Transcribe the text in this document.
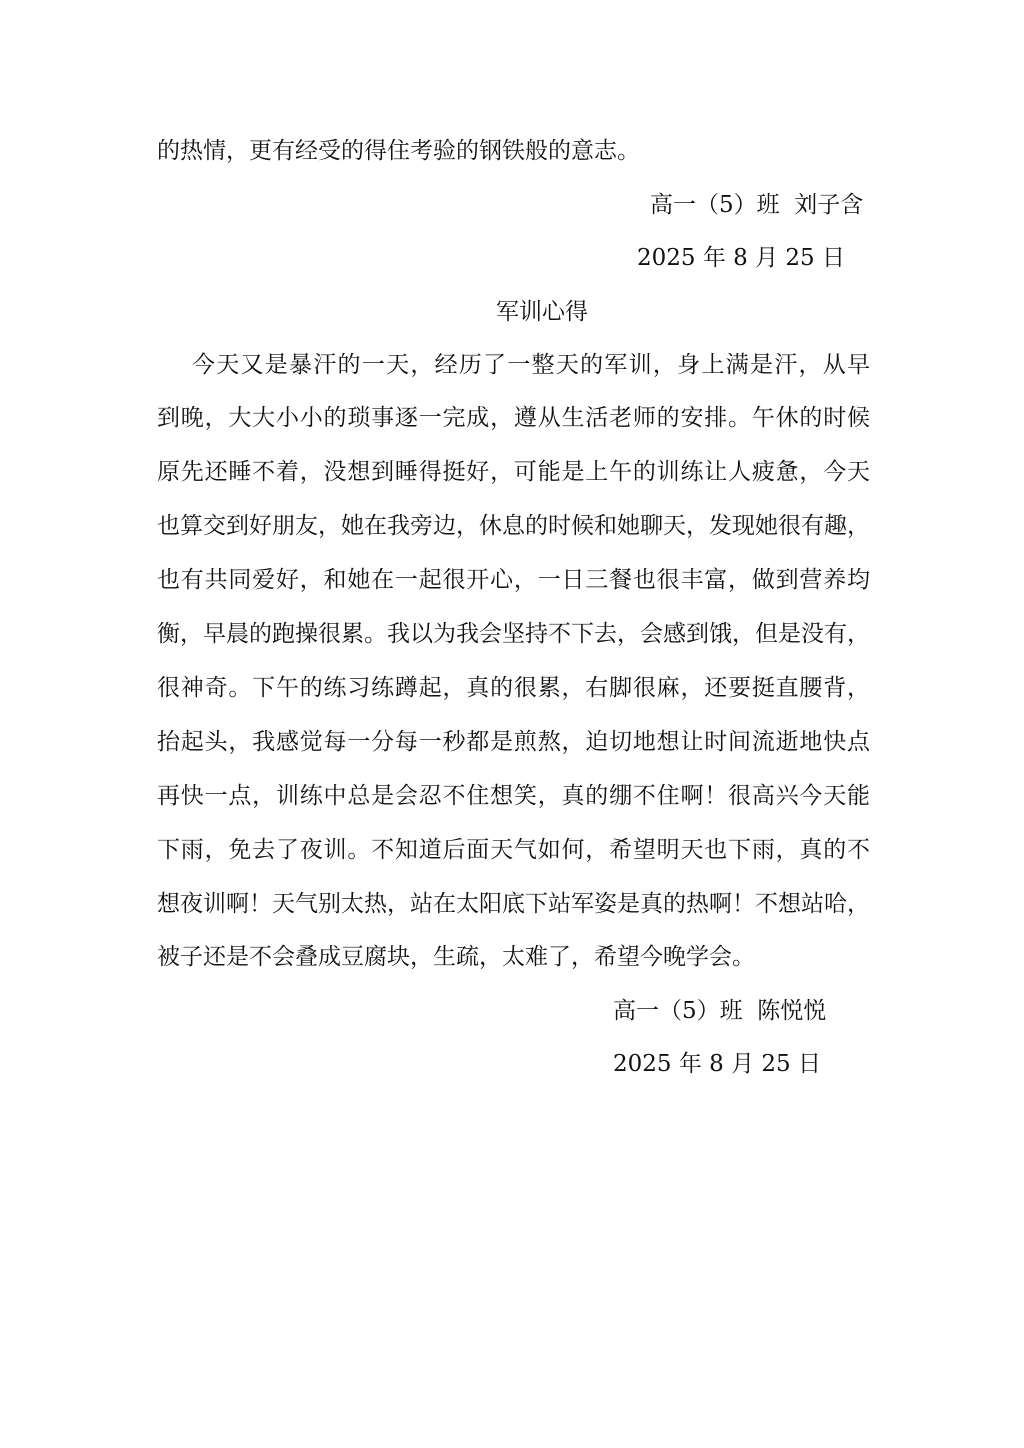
的热情，更有经受的得住考验的钢铁般的意志。
高一（5）班  刘子含
2025 年 8 月 25 日
军训心得
今天又是暴汗的一天，经历了一整天的军训，身上满是汗，从早
到晚，大大小小的琐事逐一完成，遵从生活老师的安排。午休的时候
原先还睡不着，没想到睡得挺好，可能是上午的训练让人疲惫，今天
也算交到好朋友，她在我旁边，休息的时候和她聊天，发现她很有趣，
也有共同爱好，和她在一起很开心，一日三餐也很丰富，做到营养均
衡，早晨的跑操很累。我以为我会坚持不下去，会感到饿，但是没有，
很神奇。下午的练习练蹲起，真的很累，右脚很麻，还要挺直腰背，
抬起头，我感觉每一分每一秒都是煎熬，迫切地想让时间流逝地快点
再快一点，训练中总是会忍不住想笑，真的绷不住啊！很高兴今天能
下雨，免去了夜训。不知道后面天气如何，希望明天也下雨，真的不
想夜训啊！天气别太热，站在太阳底下站军姿是真的热啊！不想站哈，
被子还是不会叠成豆腐块，生疏，太难了，希望今晚学会。
高一（5）班  陈悦悦
2025 年 8 月 25 日
